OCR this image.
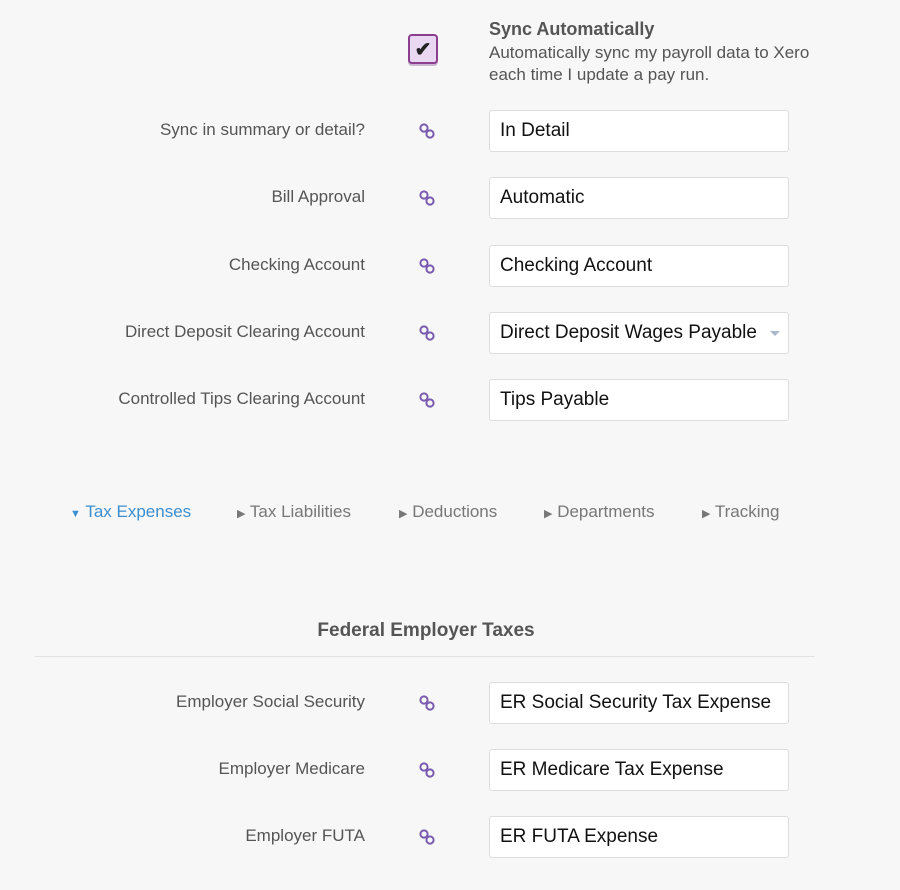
✔
Sync Automatically
Automatically sync my payroll data to Xero each time I update a pay run.
Sync in summary or detail?	In Detail
Bill Approval	Automatic
Checking Account	Checking Account
Direct Deposit Clearing Account	Direct Deposit Wages Payable
Controlled Tips Clearing Account	Tips Payable
▼ Tax Expenses	▶ Tax Liabilities	▶ Deductions	▶ Departments	▶ Tracking
Federal Employer Taxes
Employer Social Security	ER Social Security Tax Expense
Employer Medicare	ER Medicare Tax Expense
Employer FUTA	ER FUTA Expense
